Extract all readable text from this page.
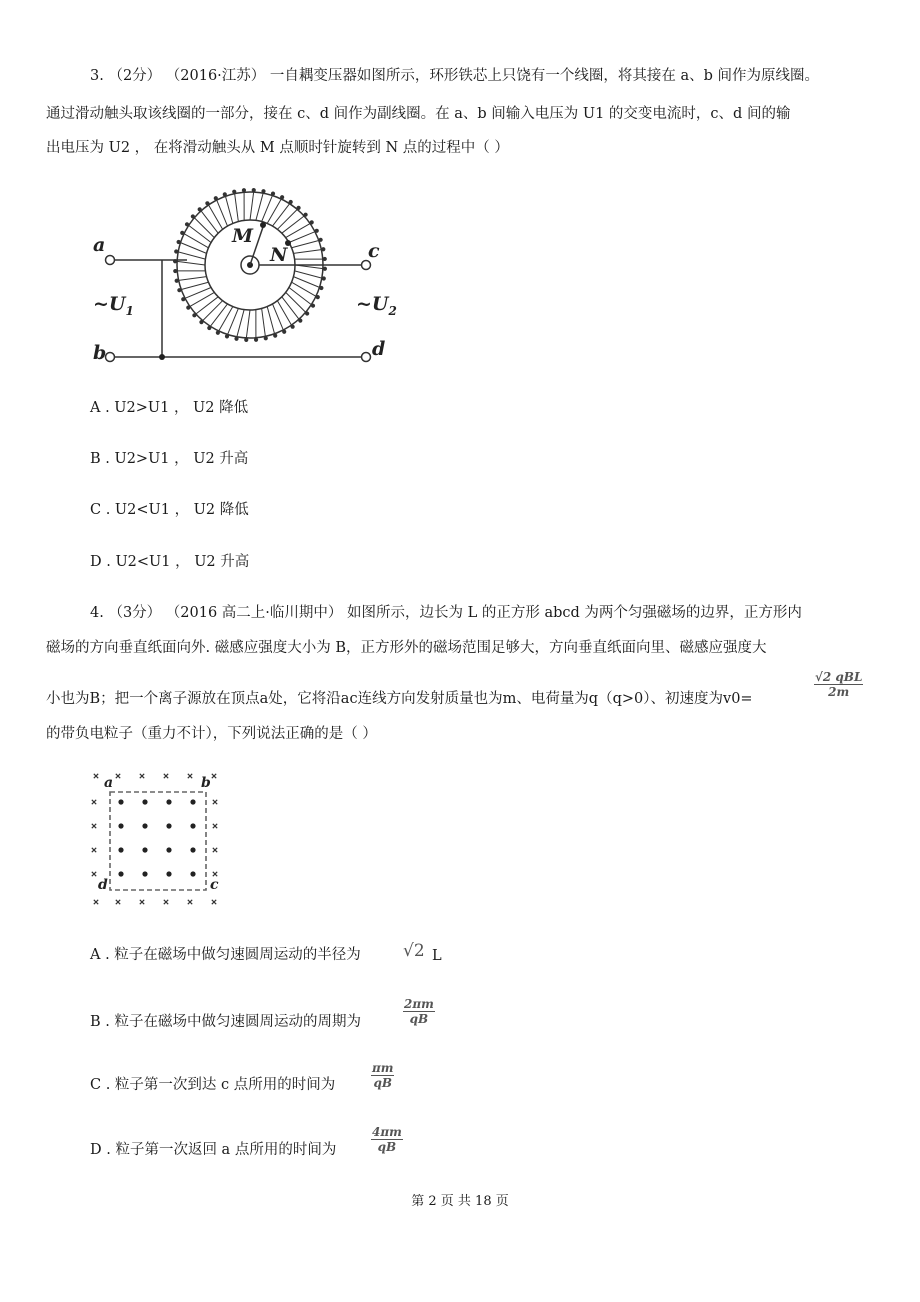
3. （2分） （2016·江苏） 一自耦变压器如图所示，环形铁芯上只饶有一个线圈，将其接在 a、b 间作为原线圈。
通过滑动触头取该线圈的一部分，接在 c、d 间作为副线圈。在 a、b 间输入电压为 U1 的交变电流时，c、d 间的输
出电压为 U2 ， 在将滑动触头从 M 点顺时针旋转到 N 点的过程中（ ）
a
b
c
d
M
N
$\sim U_1$	$\sim U_2$
A . U2>U1 ， U2 降低
B . U2>U1 ， U2 升高
C . U2<U1 ， U2 降低
D . U2<U1 ， U2 升高
4. （3分） （2016 高二上·临川期中） 如图所示，边长为 L 的正方形 abcd 为两个匀强磁场的边界，正方形内
磁场的方向垂直纸面向外. 磁感应强度大小为 B，正方形外的磁场范围足够大，方向垂直纸面向里、磁感应强度大
小也为B；把一个离子源放在顶点a处，它将沿ac连线方向发射质量也为m、电荷量为q（q>0）、初速度为v0=
√2 qBL
2m
的带负电粒子（重力不计），下列说法正确的是（ ）
a	b
c
d
A . 粒子在磁场中做匀速圆周运动的半径为 √2 L
B . 粒子在磁场中做匀速圆周运动的周期为	$\frac{2\pi m}{qB}$
C . 粒子第一次到达 c 点所用的时间为	$\frac{\pi m}{qB}$
D . 粒子第一次返回 a 点所用的时间为	$\frac{4\pi m}{qB}$
第 2 页 共 18 页
